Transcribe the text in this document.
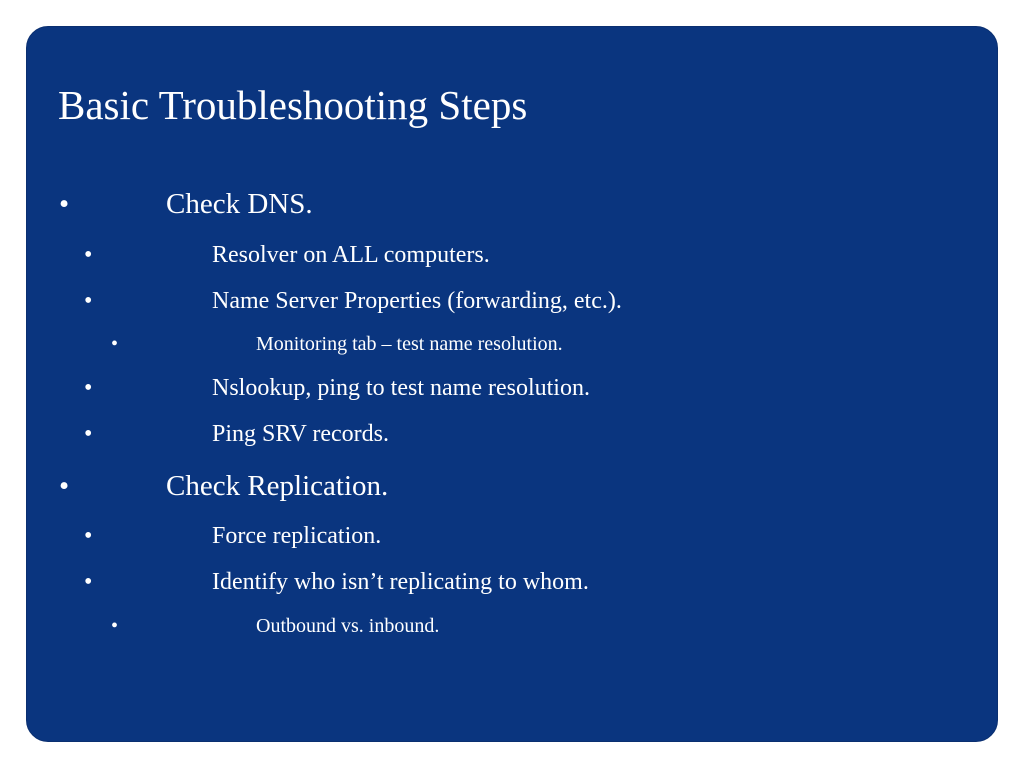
Basic Troubleshooting Steps
•	Check DNS.
•	Resolver on ALL computers.
•	Name Server Properties (forwarding, etc.).
•	Monitoring tab – test name resolution.
•	Nslookup, ping to test name resolution.
•	Ping SRV records.
•	Check Replication.
•	Force replication.
•	Identify who isn’t replicating to whom.
•	Outbound vs. inbound.
